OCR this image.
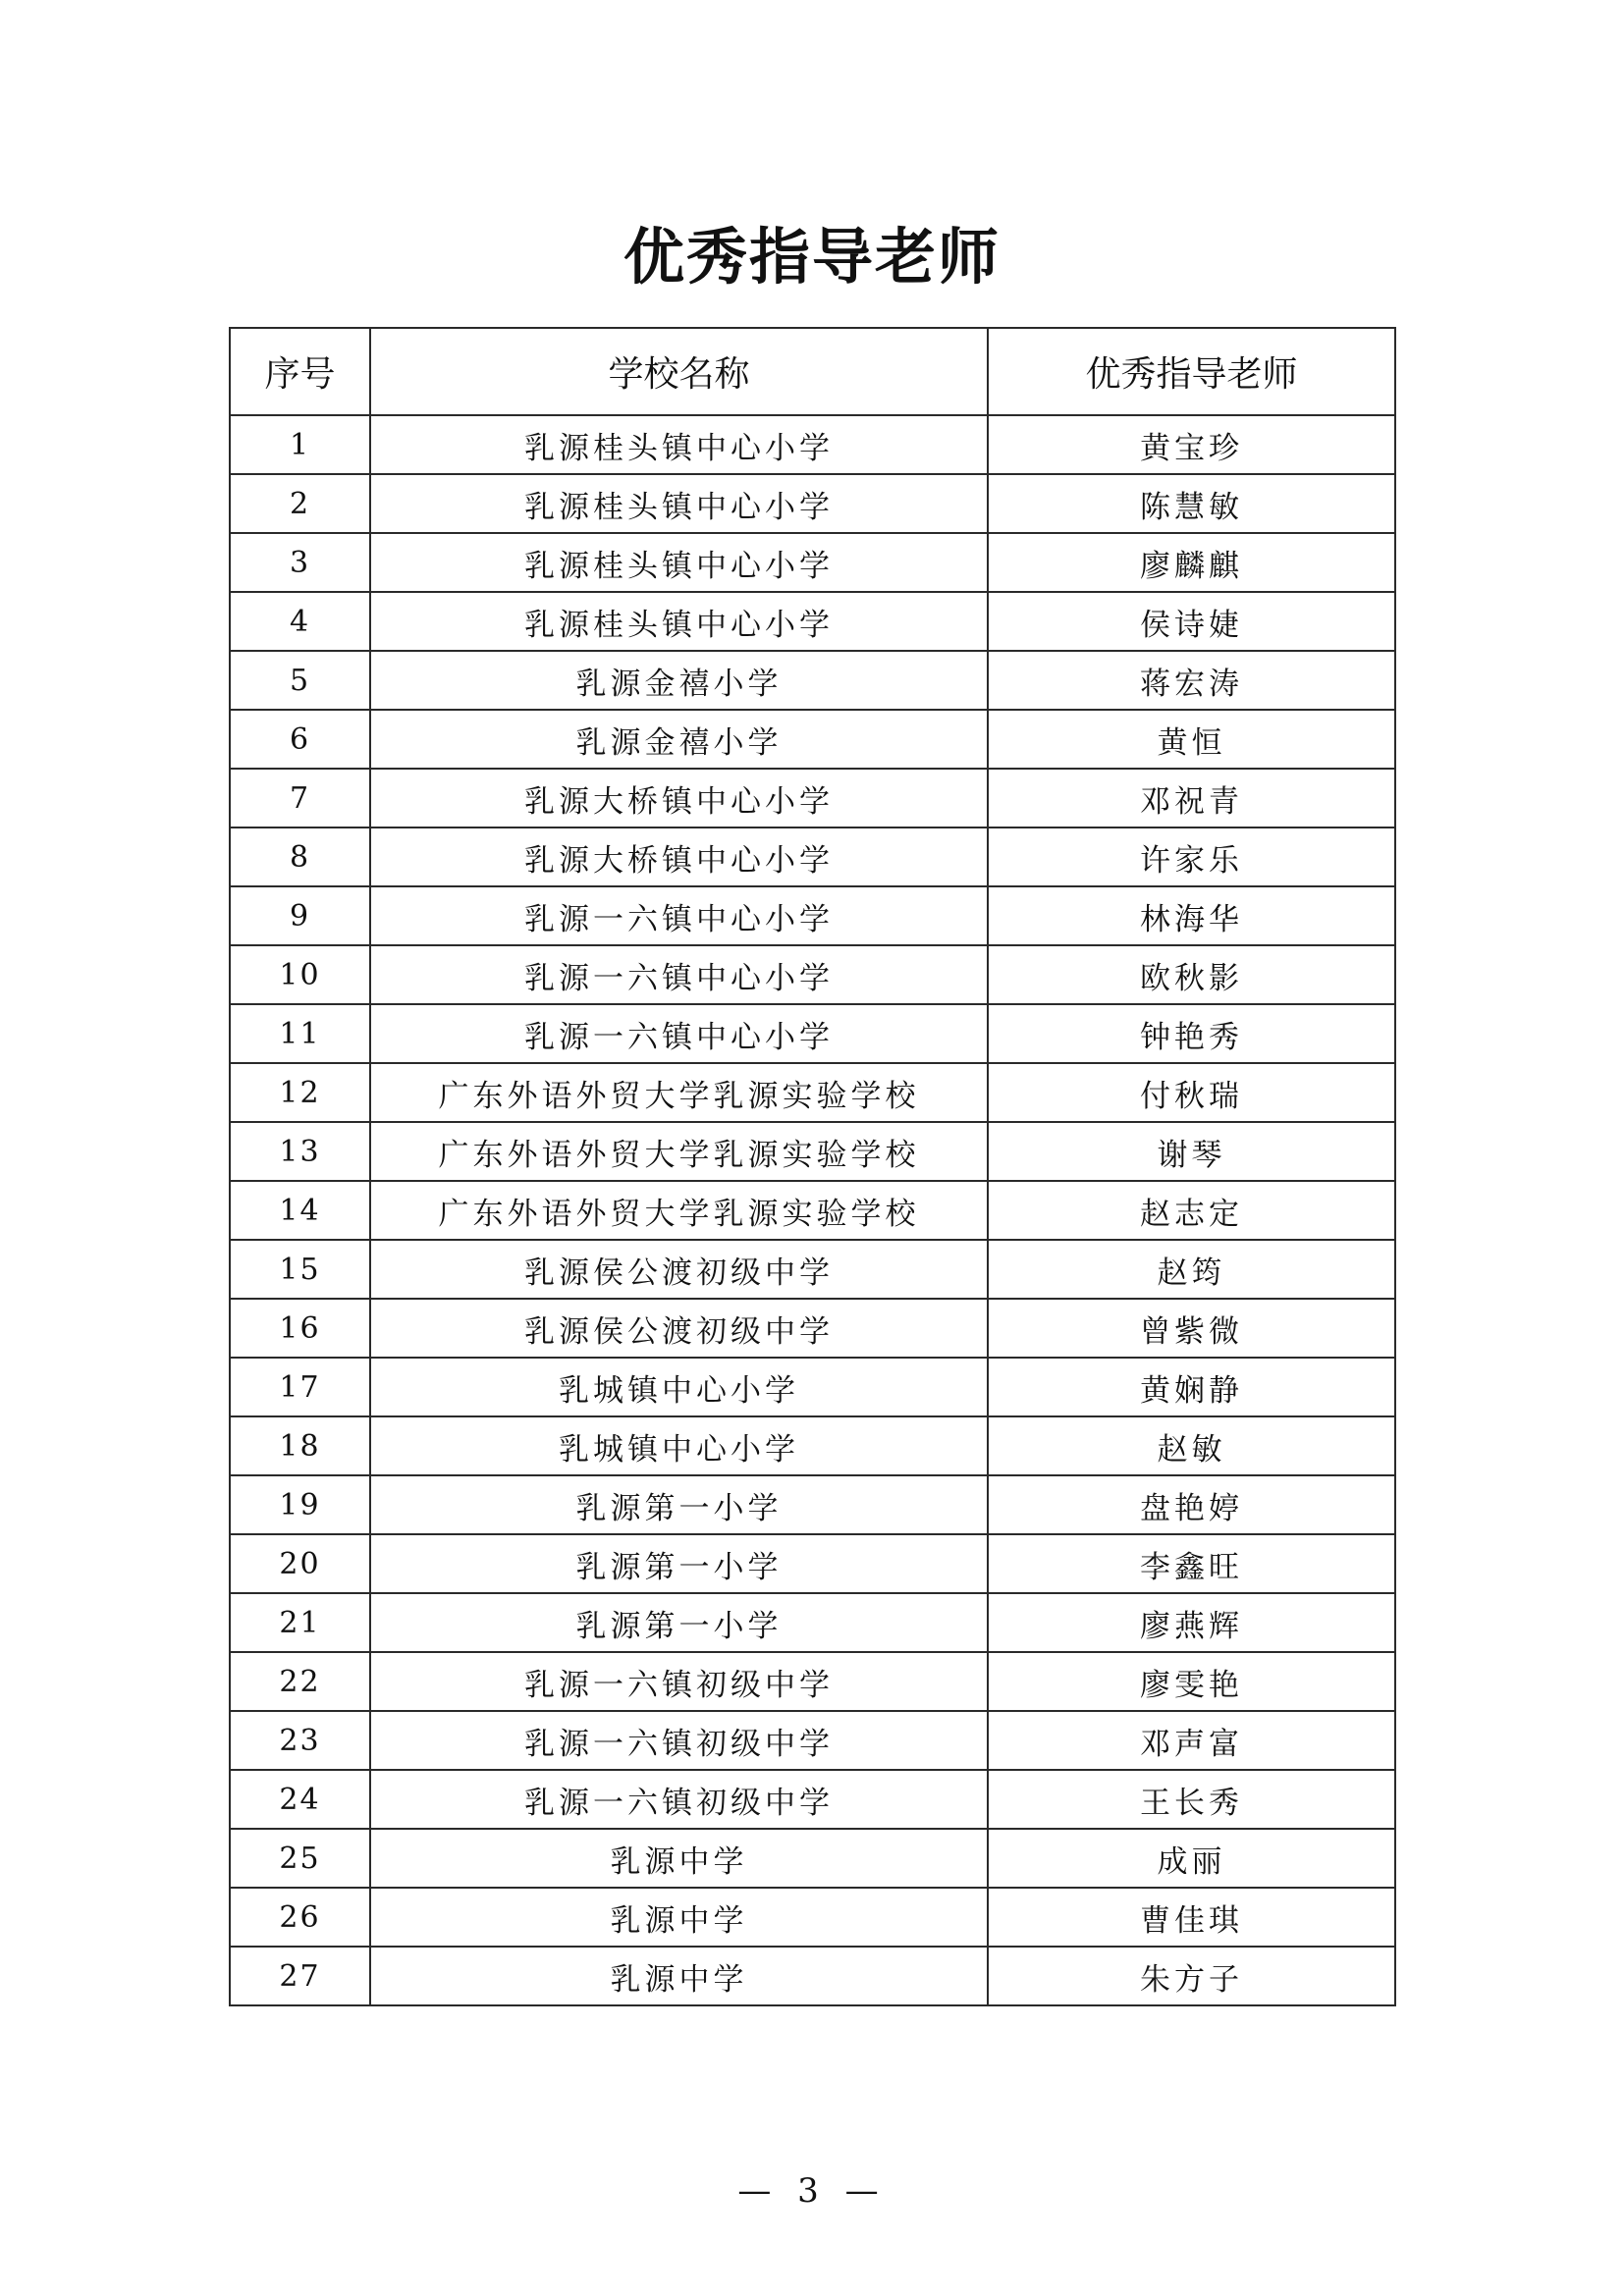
优秀指导老师
序号	学校名称	优秀指导老师
1	乳源桂头镇中心小学	黄宝珍
2	乳源桂头镇中心小学	陈慧敏
3	乳源桂头镇中心小学	廖麟麒
4	乳源桂头镇中心小学	侯诗婕
5	乳源金禧小学	蒋宏涛
6	乳源金禧小学	黄恒
7	乳源大桥镇中心小学	邓祝青
8	乳源大桥镇中心小学	许家乐
9	乳源一六镇中心小学	林海华
10	乳源一六镇中心小学	欧秋影
11	乳源一六镇中心小学	钟艳秀
12	广东外语外贸大学乳源实验学校	付秋瑞
13	广东外语外贸大学乳源实验学校	谢琴
14	广东外语外贸大学乳源实验学校	赵志定
15	乳源侯公渡初级中学	赵筠
16	乳源侯公渡初级中学	曾紫微
17	乳城镇中心小学	黄娴静
18	乳城镇中心小学	赵敏
19	乳源第一小学	盘艳婷
20	乳源第一小学	李鑫旺
21	乳源第一小学	廖燕辉
22	乳源一六镇初级中学	廖雯艳
23	乳源一六镇初级中学	邓声富
24	乳源一六镇初级中学	王长秀
25	乳源中学	成丽
26	乳源中学	曹佳琪
27	乳源中学	朱方子
— 3 —
